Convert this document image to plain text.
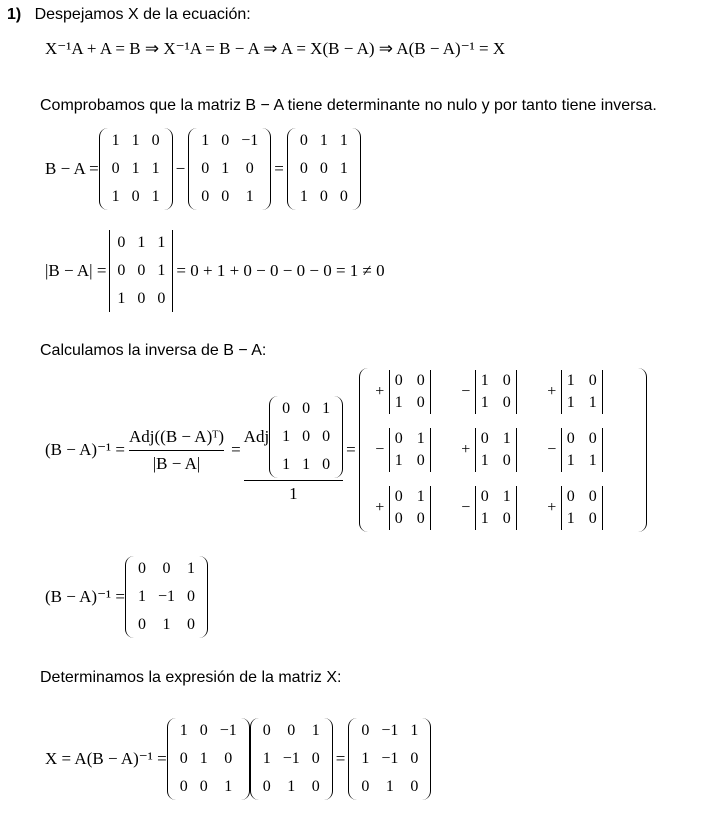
1) Despejamos X de la ecuación:
X⁻¹A + A = B ⇒ X⁻¹A = B − A ⇒ A = X(B − A) ⇒ A(B − A)⁻¹ = X
Comprobamos que la matriz B − A tiene determinante no nulo y por tanto tiene inversa.
B − A =
1 1 0
0 1 1
1 0 1
−
1 0 −1
0 1 0
0 0 1
=
0 1 1
0 0 1
1 0 0
|B − A| =
0 1 1
0 0 1
1 0 0
= 0 + 1 + 0 − 0 − 0 − 0 = 1 ≠ 0
Calculamos la inversa de B − A:
$(B - A)^{-1} = \frac{\text{Adj((B − A)ᵀ)}}{|B - A|}$ = Adj
0 0 1
1 0 0
1 1 0
1 =
+
0 0
1 0
−
1 0
1 0
+
1 0
1 1
−
0 1
1 0
+
0 1
1 0
−
0 0
1 1
+
0 1
0 0
−
0 1
1 0
+
0 0
1 0
(B − A)⁻¹ =
0 0 1
1 −1 0
0 1 0
Determinamos la expresión de la matriz X:
X = A(B − A)⁻¹ =
1 0 −1
0 1 0
0 0 1
0 0 1
1 −1 0
0 1 0
=
0 −1 1
1 −1 0
0 1 0
